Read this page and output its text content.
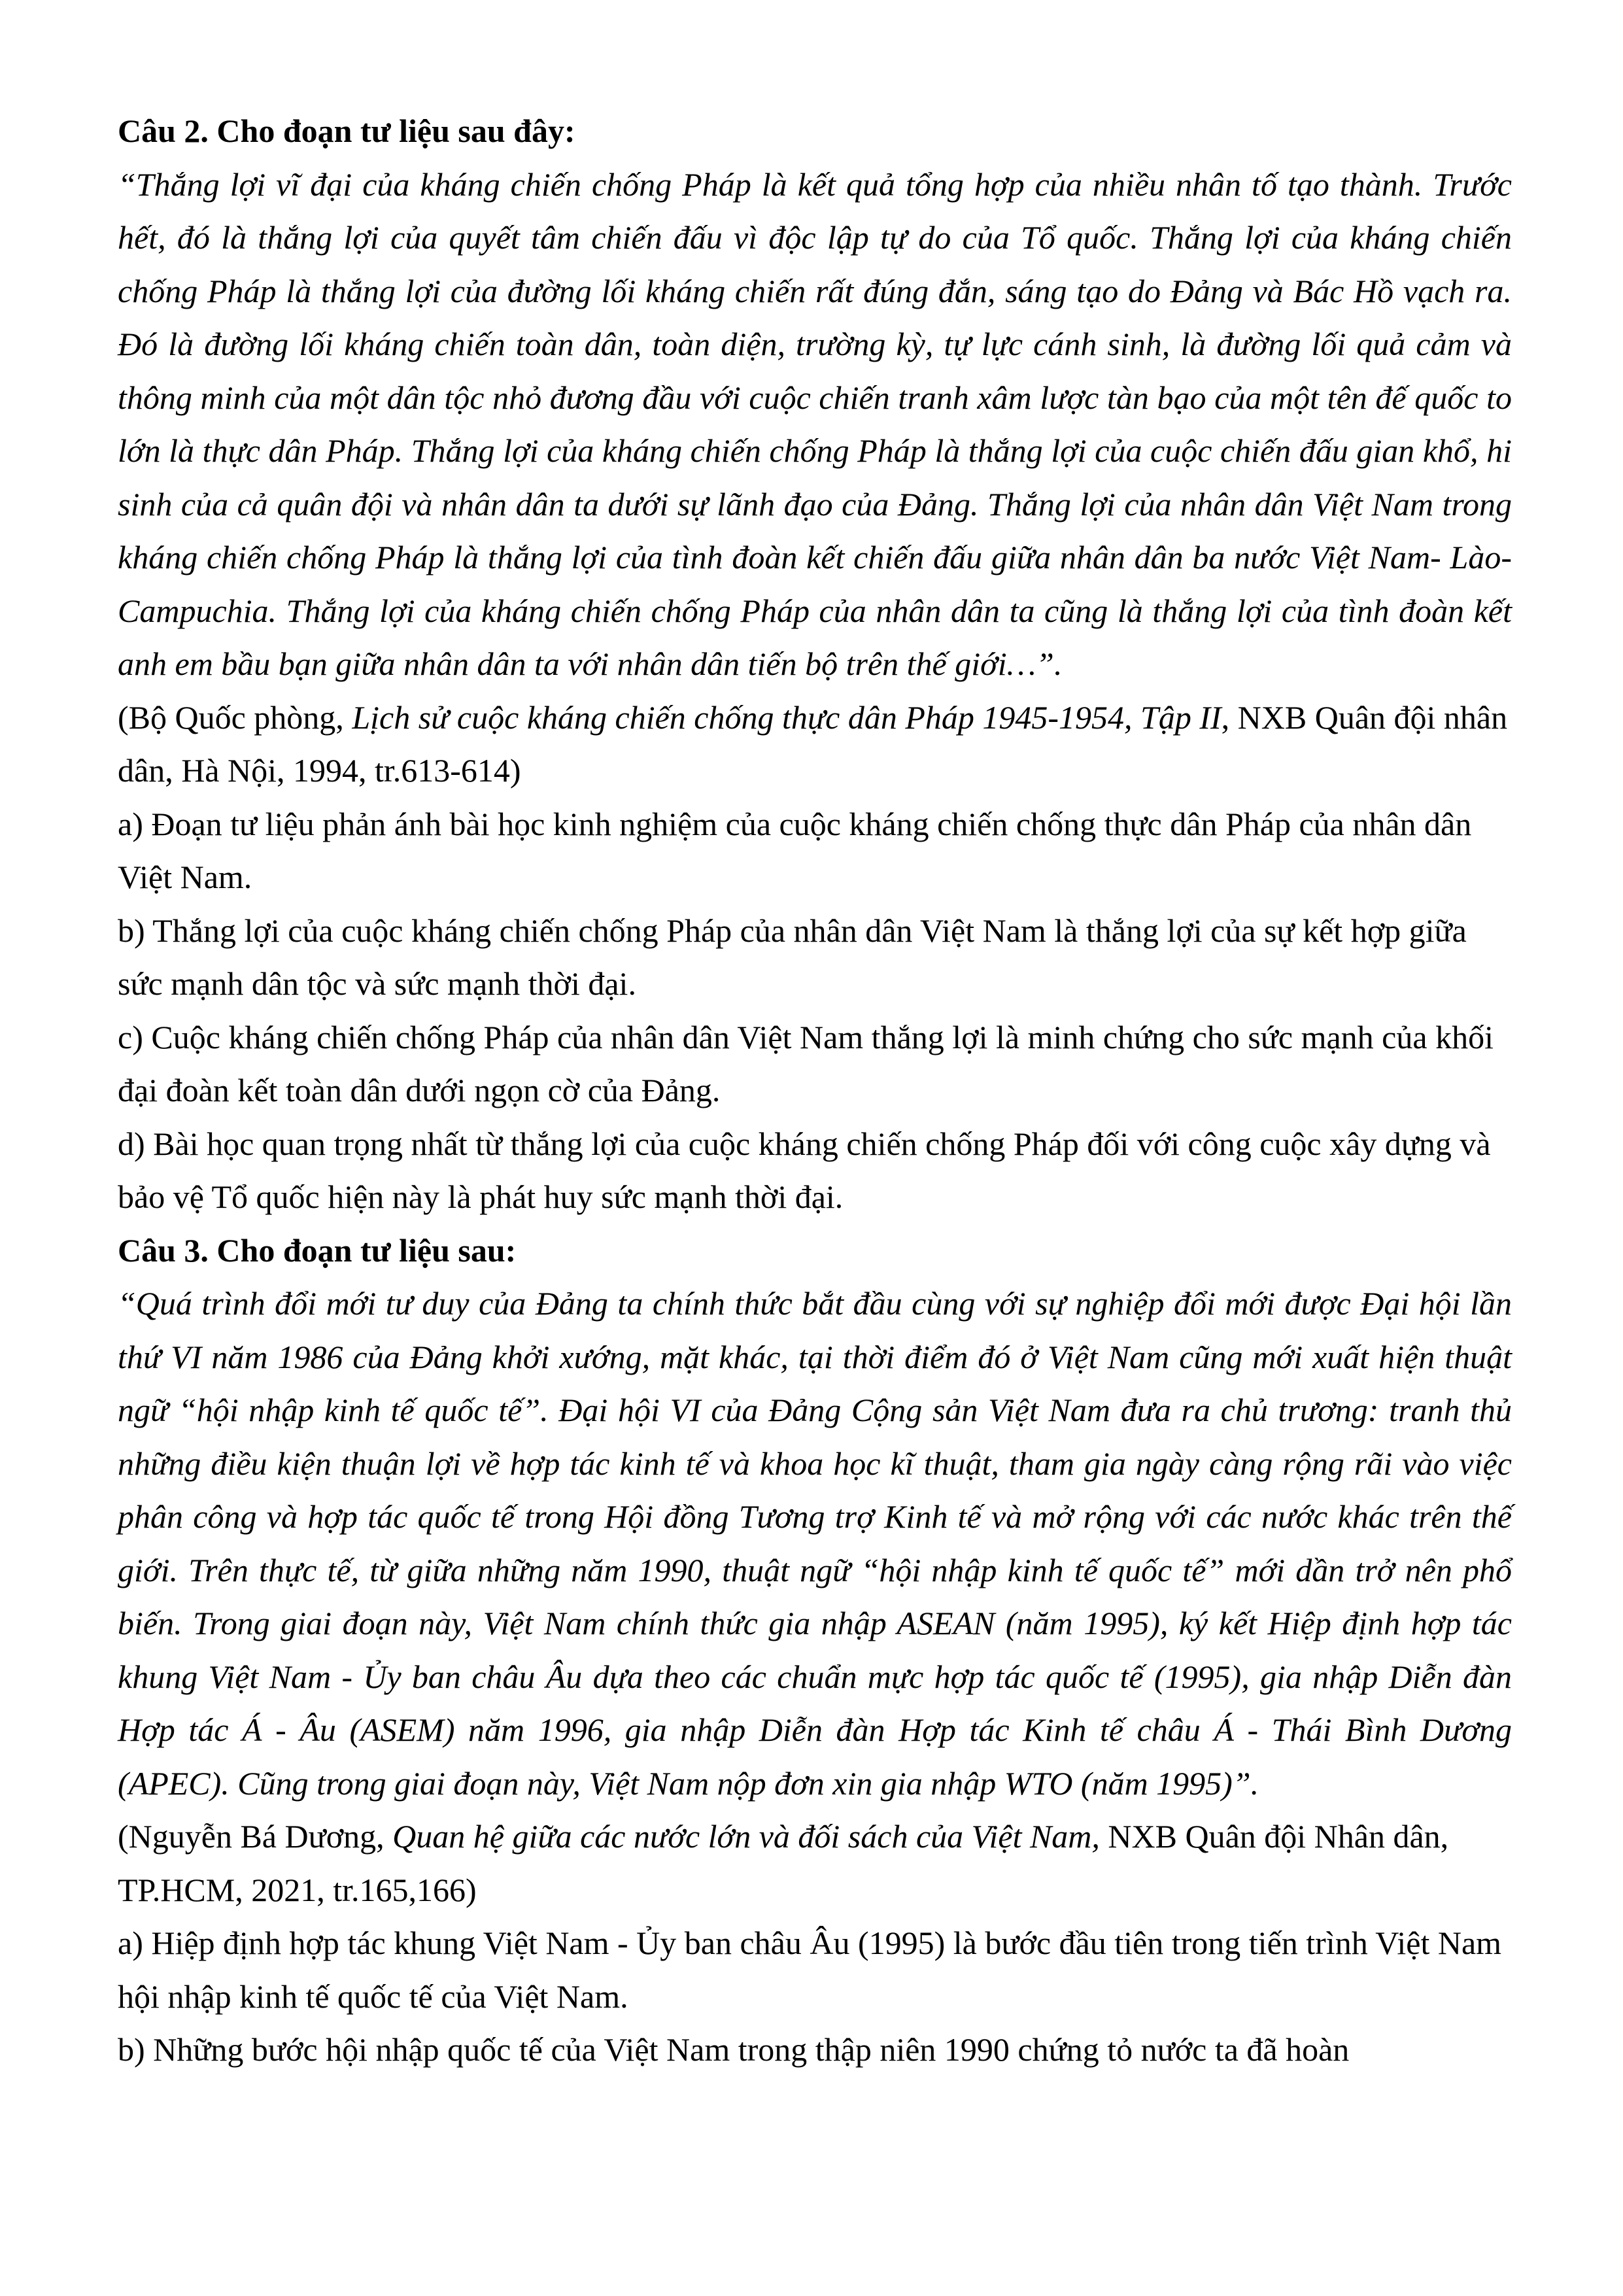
Câu 2. Cho đoạn tư liệu sau đây:

“Thắng lợi vĩ đại của kháng chiến chống Pháp là kết quả tổng hợp của nhiều nhân tố tạo thành. Trước hết, đó là thắng lợi của quyết tâm chiến đấu vì độc lập tự do của Tổ quốc. Thắng lợi của kháng chiến chống Pháp là thắng lợi của đường lối kháng chiến rất đúng đắn, sáng tạo do Đảng và Bác Hồ vạch ra. Đó là đường lối kháng chiến toàn dân, toàn diện, trường kỳ, tự lực cánh sinh, là đường lối quả cảm và thông minh của một dân tộc nhỏ đương đầu với cuộc chiến tranh xâm lược tàn bạo của một tên đế quốc to lớn là thực dân Pháp. Thắng lợi của kháng chiến chống Pháp là thắng lợi của cuộc chiến đấu gian khổ, hi sinh của cả quân đội và nhân dân ta dưới sự lãnh đạo của Đảng. Thắng lợi của nhân dân Việt Nam trong kháng chiến chống Pháp là thắng lợi của tình đoàn kết chiến đấu giữa nhân dân ba nước Việt Nam- Lào-Campuchia. Thắng lợi của kháng chiến chống Pháp của nhân dân ta cũng là thắng lợi của tình đoàn kết anh em bầu bạn giữa nhân dân ta với nhân dân tiến bộ trên thế giới…”.

(Bộ Quốc phòng, Lịch sử cuộc kháng chiến chống thực dân Pháp 1945-1954, Tập II, NXB Quân đội nhân dân, Hà Nội, 1994, tr.613-614)

a) Đoạn tư liệu phản ánh bài học kinh nghiệm của cuộc kháng chiến chống thực dân Pháp của nhân dân Việt Nam.

b) Thắng lợi của cuộc kháng chiến chống Pháp của nhân dân Việt Nam là thắng lợi của sự kết hợp giữa sức mạnh dân tộc và sức mạnh thời đại.

c) Cuộc kháng chiến chống Pháp của nhân dân Việt Nam thắng lợi là minh chứng cho sức mạnh của khối đại đoàn kết toàn dân dưới ngọn cờ của Đảng.

d) Bài học quan trọng nhất từ thắng lợi của cuộc kháng chiến chống Pháp đối với công cuộc xây dựng và bảo vệ Tổ quốc hiện này là phát huy sức mạnh thời đại.

Câu 3. Cho đoạn tư liệu sau:

“Quá trình đổi mới tư duy của Đảng ta chính thức bắt đầu cùng với sự nghiệp đổi mới được Đại hội lần thứ VI năm 1986 của Đảng khởi xướng, mặt khác, tại thời điểm đó ở Việt Nam cũng mới xuất hiện thuật ngữ “hội nhập kinh tế quốc tế”. Đại hội VI của Đảng Cộng sản Việt Nam đưa ra chủ trương: tranh thủ những điều kiện thuận lợi về hợp tác kinh tế và khoa học kĩ thuật, tham gia ngày càng rộng rãi vào việc phân công và hợp tác quốc tế trong Hội đồng Tương trợ Kinh tế và mở rộng với các nước khác trên thế giới. Trên thực tế, từ giữa những năm 1990, thuật ngữ “hội nhập kinh tế quốc tế” mới dần trở nên phổ biến. Trong giai đoạn này, Việt Nam chính thức gia nhập ASEAN (năm 1995), ký kết Hiệp định hợp tác khung Việt Nam - Ủy ban châu Âu dựa theo các chuẩn mực hợp tác quốc tế (1995), gia nhập Diễn đàn Hợp tác Á - Âu (ASEM) năm 1996, gia nhập Diễn đàn Hợp tác Kinh tế châu Á - Thái Bình Dương (APEC). Cũng trong giai đoạn này, Việt Nam nộp đơn xin gia nhập WTO (năm 1995)”.

(Nguyễn Bá Dương, Quan hệ giữa các nước lớn và đối sách của Việt Nam, NXB Quân đội Nhân dân, TP.HCM, 2021, tr.165,166)

a) Hiệp định hợp tác khung Việt Nam - Ủy ban châu Âu (1995) là bước đầu tiên trong tiến trình Việt Nam hội nhập kinh tế quốc tế của Việt Nam.

b) Những bước hội nhập quốc tế của Việt Nam trong thập niên 1990 chứng tỏ nước ta đã hoàn
